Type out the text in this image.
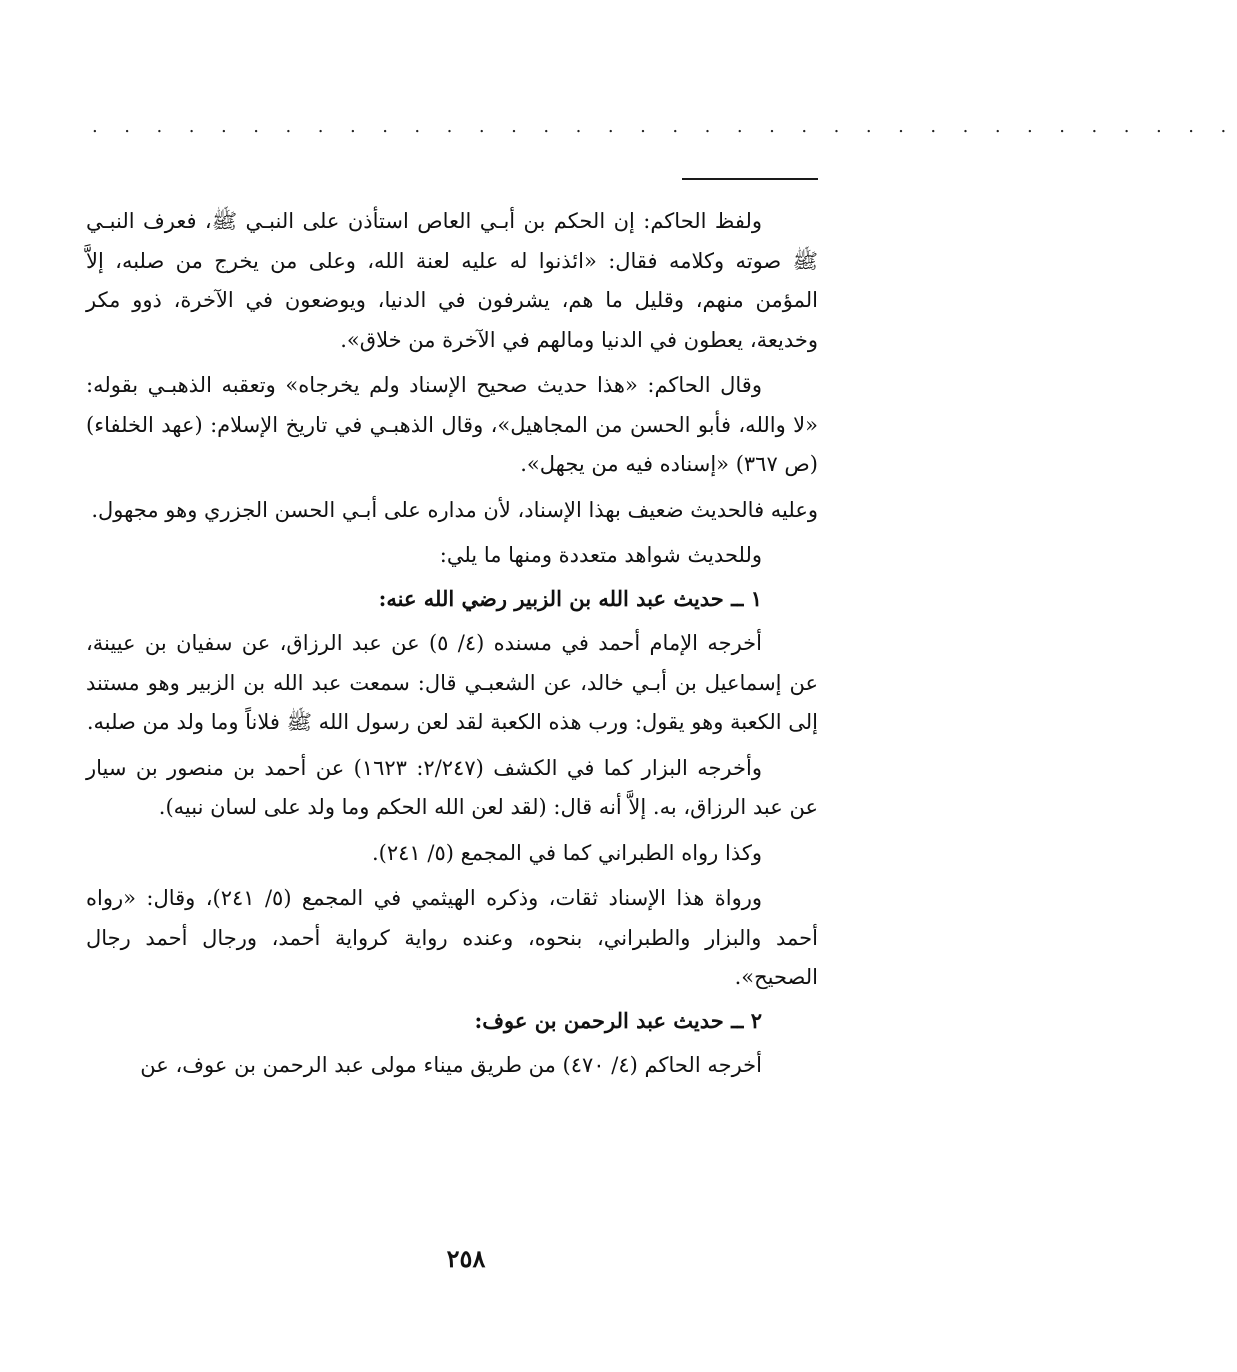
. . . . . . . . . . . . . . . . . . . . . . . . . . . . . . . . . . . .

ولفظ الحاكم: إن الحكم بن أبـي العاص استأذن على النبـي ﷺ، فعرف النبـي ﷺ صوته وكلامه فقال: «ائذنوا له عليه لعنة الله، وعلى من يخرج من صلبه، إلاَّ المؤمن منهم، وقليل ما هم، يشرفون في الدنيا، ويوضعون في الآخرة، ذوو مكر وخديعة، يعطون في الدنيا ومالهم في الآخرة من خلاق».

وقال الحاكم: «هذا حديث صحيح الإسناد ولم يخرجاه» وتعقبه الذهبـي بقوله: «لا والله، فأبو الحسن من المجاهيل»، وقال الذهبـي في تاريخ الإسلام: (عهد الخلفاء) (ص ٣٦٧) «إسناده فيه من يجهل».

وعليه فالحديث ضعيف بهذا الإسناد، لأن مداره على أبـي الحسن الجزري وهو مجهول.

وللحديث شواهد متعددة ومنها ما يلي:

١ ــ حديث عبد الله بن الزبير رضي الله عنه:

أخرجه الإمام أحمد في مسنده (٤/ ٥) عن عبد الرزاق، عن سفيان بن عيينة، عن إسماعيل بن أبـي خالد، عن الشعبـي قال: سمعت عبد الله بن الزبير وهو مستند إلى الكعبة وهو يقول: ورب هذه الكعبة لقد لعن رسول الله ﷺ فلاناً وما ولد من صلبه.

وأخرجه البزار كما في الكشف (٢/٢٤٧: ١٦٢٣) عن أحمد بن منصور بن سيار عن عبد الرزاق، به. إلاَّ أنه قال: (لقد لعن الله الحكم وما ولد على لسان نبيه).

وكذا رواه الطبراني كما في المجمع (٥/ ٢٤١).

ورواة هذا الإسناد ثقات، وذكره الهيثمي في المجمع (٥/ ٢٤١)، وقال: «رواه أحمد والبزار والطبراني، بنحوه، وعنده رواية كرواية أحمد، ورجال أحمد رجال الصحيح».

٢ ــ حديث عبد الرحمن بن عوف:

أخرجه الحاكم (٤/ ٤٧٠) من طريق ميناء مولى عبد الرحمن بن عوف، عن

٢٥٨
